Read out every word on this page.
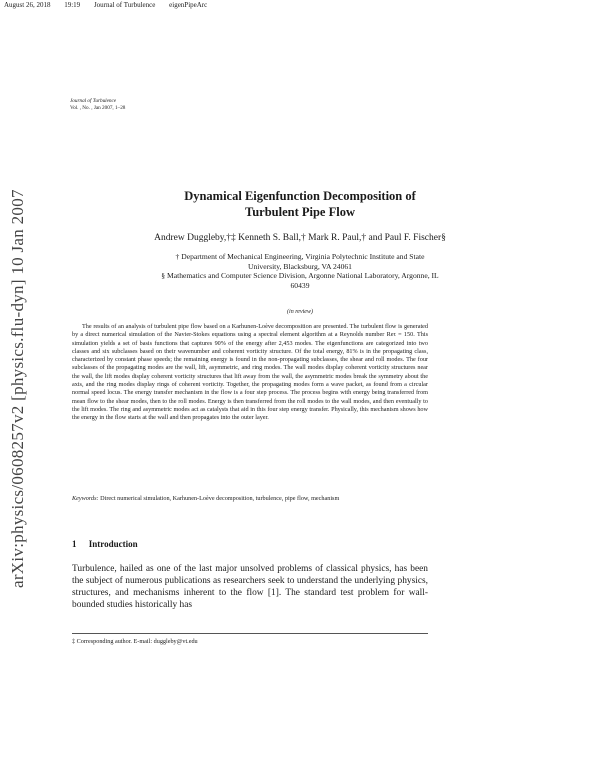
August 26, 2018 19:19 Journal of Turbulence eigenPipeArc
arXiv:physics/0608257v2 [physics.flu-dyn] 10 Jan 2007
Journal of Turbulence
Vol. , No. , Jan 2007, 1–28
Dynamical Eigenfunction Decomposition of
Turbulent Pipe Flow
Andrew Duggleby,†‡ Kenneth S. Ball,† Mark R. Paul,† and Paul F. Fischer§
† Department of Mechanical Engineering, Virginia Polytechnic Institute and State University, Blacksburg, VA 24061
§ Mathematics and Computer Science Division, Argonne National Laboratory, Argonne, IL 60439
(in review)
The results of an analysis of turbulent pipe flow based on a Karhunen-Loève decomposition are presented. The turbulent flow is generated by a direct numerical simulation of the Navier-Stokes equations using a spectral element algorithm at a Reynolds number Reτ = 150. This simulation yields a set of basis functions that captures 90% of the energy after 2,453 modes. The eigenfunctions are categorized into two classes and six subclasses based on their wavenumber and coherent vorticity structure. Of the total energy, 81% is in the propagating class, characterized by constant phase speeds; the remaining energy is found in the non-propagating subclasses, the shear and roll modes. The four subclasses of the propagating modes are the wall, lift, asymmetric, and ring modes. The wall modes display coherent vorticity structures near the wall, the lift modes display coherent vorticity structures that lift away from the wall, the asymmetric modes break the symmetry about the axis, and the ring modes display rings of coherent vorticity. Together, the propagating modes form a wave packet, as found from a circular normal speed locus. The energy transfer mechanism in the flow is a four step process. The process begins with energy being transferred from mean flow to the shear modes, then to the roll modes. Energy is then transferred from the roll modes to the wall modes, and then eventually to the lift modes. The ring and asymmetric modes act as catalysts that aid in this four step energy transfer. Physically, this mechanism shows how the energy in the flow starts at the wall and then propagates into the outer layer.
Keywords: Direct numerical simulation, Karhunen-Loève decomposition, turbulence, pipe flow, mechanism
1 Introduction
Turbulence, hailed as one of the last major unsolved problems of classical physics, has been the subject of numerous publications as researchers seek to understand the underlying physics, structures, and mechanisms inherent to the flow [1]. The standard test problem for wall-bounded studies historically has
‡ Corresponding author. E-mail: duggleby@vt.edu
